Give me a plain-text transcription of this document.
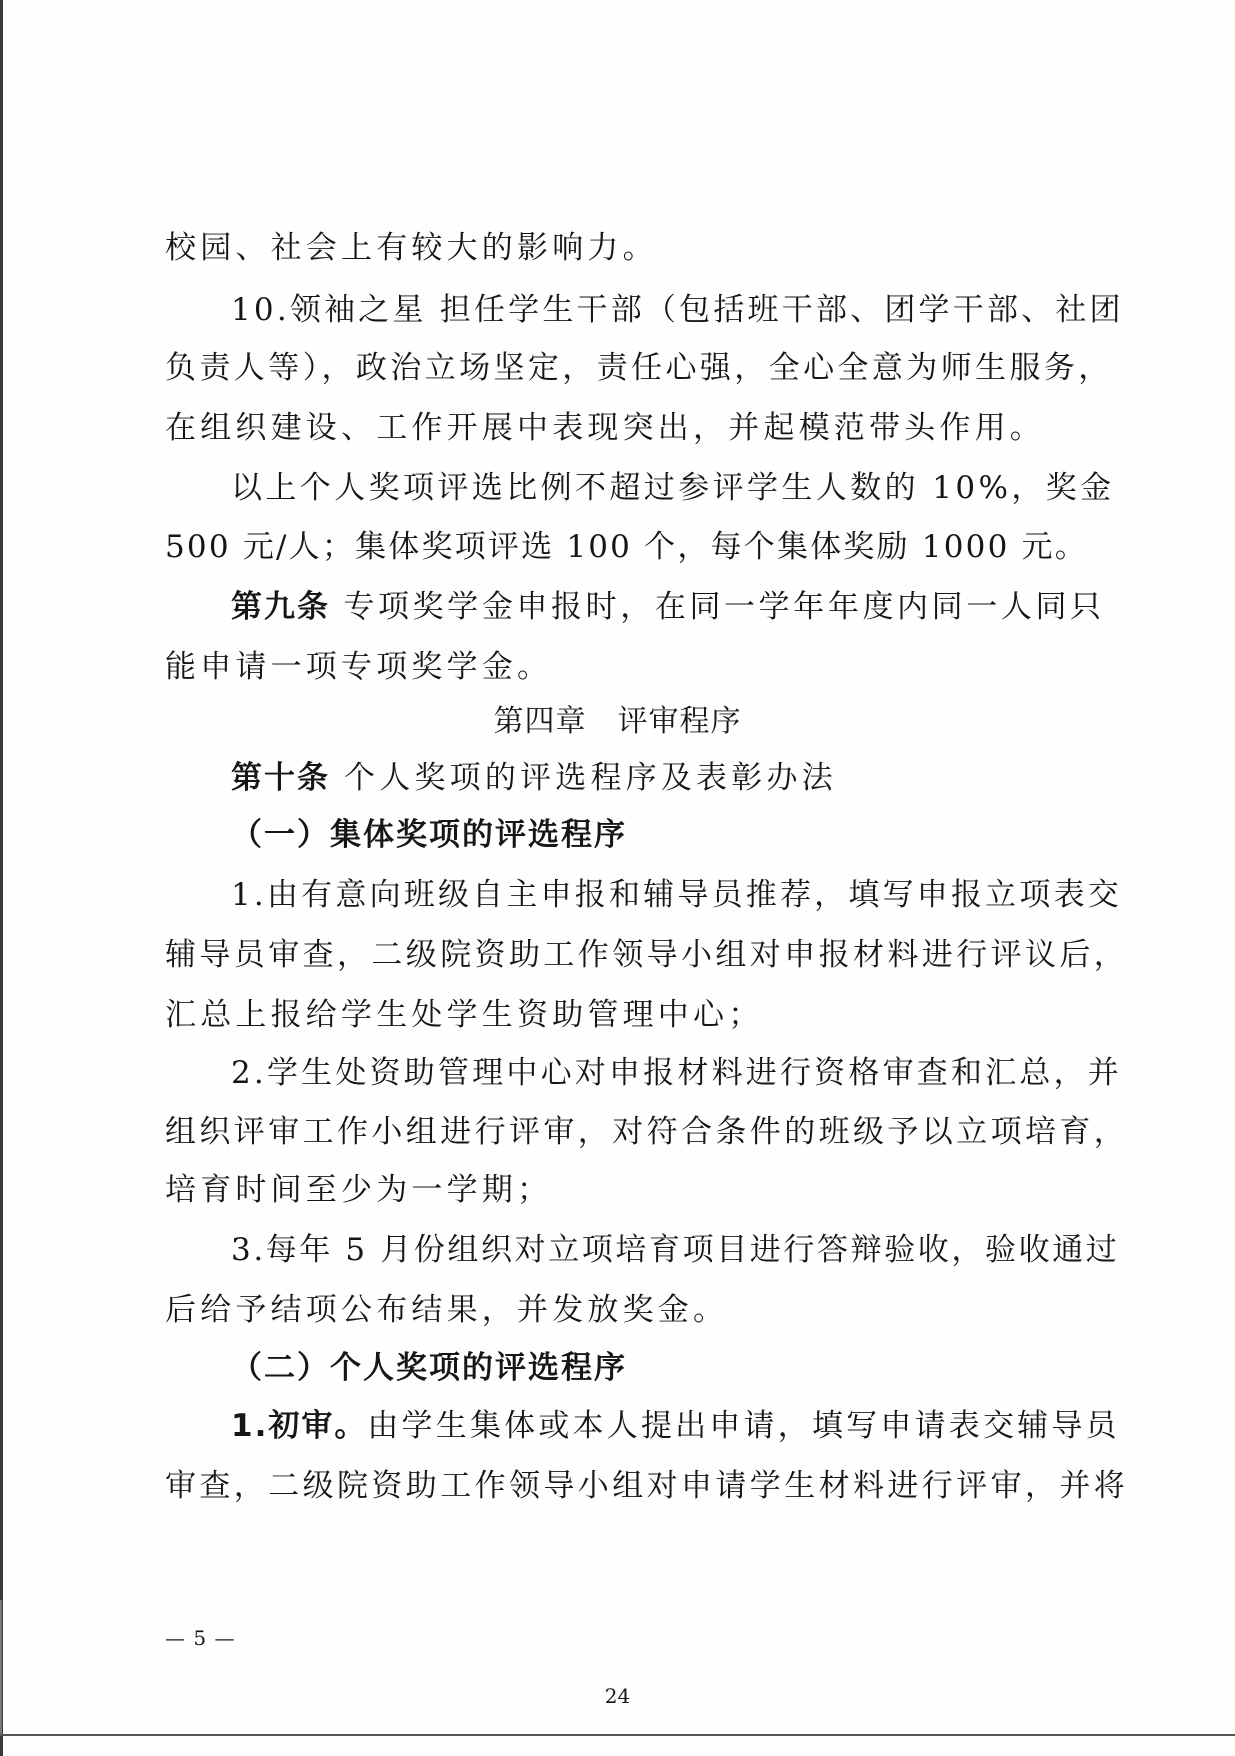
校园、社会上有较大的影响力。
10.领袖之星 担任学生干部（包括班干部、团学干部、社团
负责人等），政治立场坚定，责任心强，全心全意为师生服务，
在组织建设、工作开展中表现突出，并起模范带头作用。
以上个人奖项评选比例不超过参评学生人数的 10%，奖金
500 元/人；集体奖项评选 100 个，每个集体奖励 1000 元。
第九条 专项奖学金申报时，在同一学年年度内同一人同只
能申请一项专项奖学金。
第四章　评审程序
第十条 个人奖项的评选程序及表彰办法
（一）集体奖项的评选程序
1.由有意向班级自主申报和辅导员推荐，填写申报立项表交
辅导员审查，二级院资助工作领导小组对申报材料进行评议后，
汇总上报给学生处学生资助管理中心；
2.学生处资助管理中心对申报材料进行资格审查和汇总，并
组织评审工作小组进行评审，对符合条件的班级予以立项培育，
培育时间至少为一学期；
3.每年 5 月份组织对立项培育项目进行答辩验收，验收通过
后给予结项公布结果，并发放奖金。
（二）个人奖项的评选程序
1.初审。由学生集体或本人提出申请，填写申请表交辅导员
审查，二级院资助工作领导小组对申请学生材料进行评审，并将
— 5 —
24
